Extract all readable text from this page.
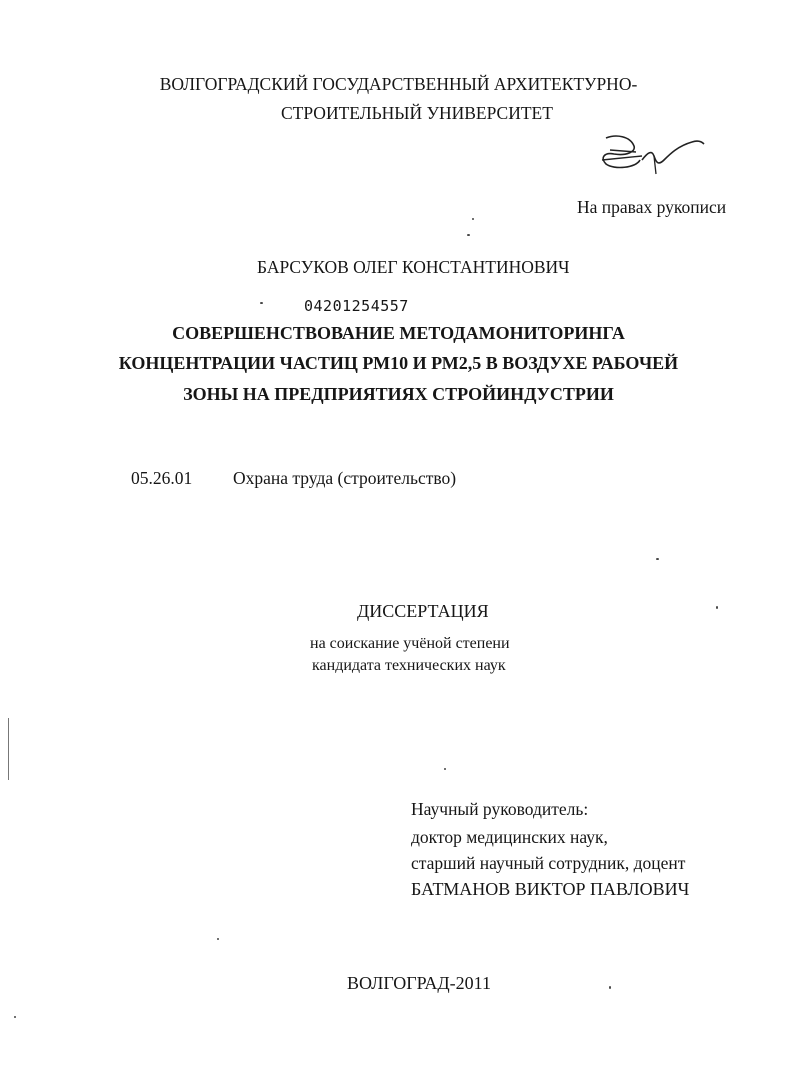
ВОЛГОГРАДСКИЙ ГОСУДАРСТВЕННЫЙ АРХИТЕКТУРНО-
СТРОИТЕЛЬНЫЙ УНИВЕРСИТЕТ
На правах рукописи
БАРСУКОВ ОЛЕГ КОНСТАНТИНОВИЧ
04201254557
СОВЕРШЕНСТВОВАНИЕ МЕТОДАМОНИТОРИНГА
КОНЦЕНТРАЦИИ ЧАСТИЦ РМ10 И РМ2,5 В ВОЗДУХЕ РАБОЧЕЙ
ЗОНЫ НА ПРЕДПРИЯТИЯХ СТРОЙИНДУСТРИИ
05.26.01 Охрана труда (строительство)
ДИССЕРТАЦИЯ
на соискание учёной степени
кандидата технических наук
Научный руководитель:
доктор медицинских наук,
старший научный сотрудник, доцент
БАТМАНОВ ВИКТОР ПАВЛОВИЧ
ВОЛГОГРАД-2011
